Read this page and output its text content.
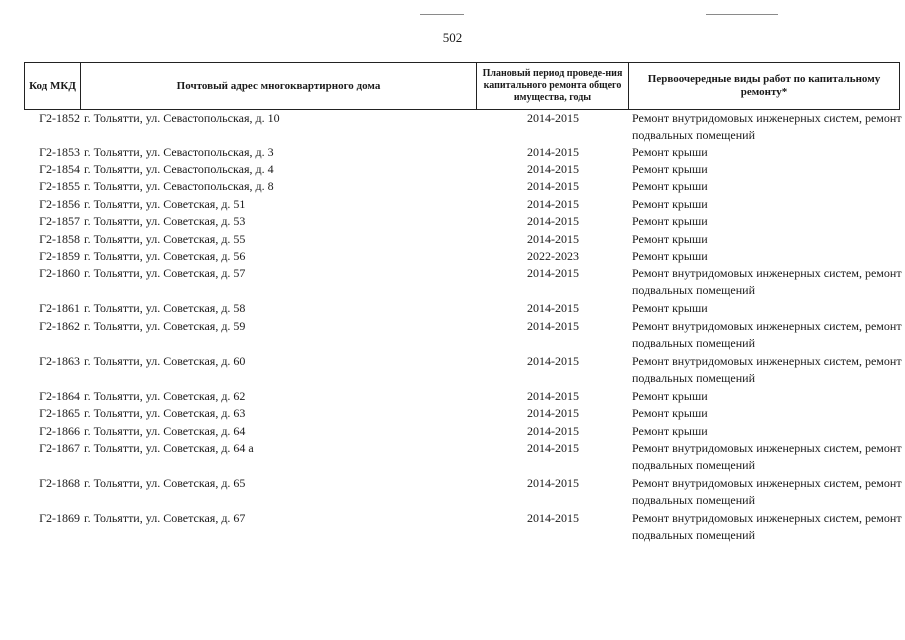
502
Код МКД	Почтовый адрес многоквартирного дома	Плановый период проведе-ния капитального ремонта общего имущества, годы	Первоочередные виды работ по капитальному ремонту*
Г2-1852 г. Тольятти, ул. Севастопольская, д. 10	2014-2015	Ремонт внутридомовых инженерных систем, ремонт подвальных помещений
Г2-1853 г. Тольятти, ул. Севастопольская, д. 3	2014-2015	Ремонт крыши
Г2-1854 г. Тольятти, ул. Севастопольская, д. 4	2014-2015	Ремонт крыши
Г2-1855 г. Тольятти, ул. Севастопольская, д. 8	2014-2015	Ремонт крыши
Г2-1856 г. Тольятти, ул. Советская, д. 51	2014-2015	Ремонт крыши
Г2-1857 г. Тольятти, ул. Советская, д. 53	2014-2015	Ремонт крыши
Г2-1858 г. Тольятти, ул. Советская, д. 55	2014-2015	Ремонт крыши
Г2-1859 г. Тольятти, ул. Советская, д. 56	2022-2023	Ремонт крыши
Г2-1860 г. Тольятти, ул. Советская, д. 57	2014-2015	Ремонт внутридомовых инженерных систем, ремонт подвальных помещений
Г2-1861 г. Тольятти, ул. Советская, д. 58	2014-2015	Ремонт крыши
Г2-1862 г. Тольятти, ул. Советская, д. 59	2014-2015	Ремонт внутридомовых инженерных систем, ремонт подвальных помещений
Г2-1863 г. Тольятти, ул. Советская, д. 60	2014-2015	Ремонт внутридомовых инженерных систем, ремонт подвальных помещений
Г2-1864 г. Тольятти, ул. Советская, д. 62	2014-2015	Ремонт крыши
Г2-1865 г. Тольятти, ул. Советская, д. 63	2014-2015	Ремонт крыши
Г2-1866 г. Тольятти, ул. Советская, д. 64	2014-2015	Ремонт крыши
Г2-1867 г. Тольятти, ул. Советская, д. 64 а	2014-2015	Ремонт внутридомовых инженерных систем, ремонт подвальных помещений
Г2-1868 г. Тольятти, ул. Советская, д. 65	2014-2015	Ремонт внутридомовых инженерных систем, ремонт подвальных помещений
Г2-1869 г. Тольятти, ул. Советская, д. 67	2014-2015	Ремонт внутридомовых инженерных систем, ремонт подвальных помещений
